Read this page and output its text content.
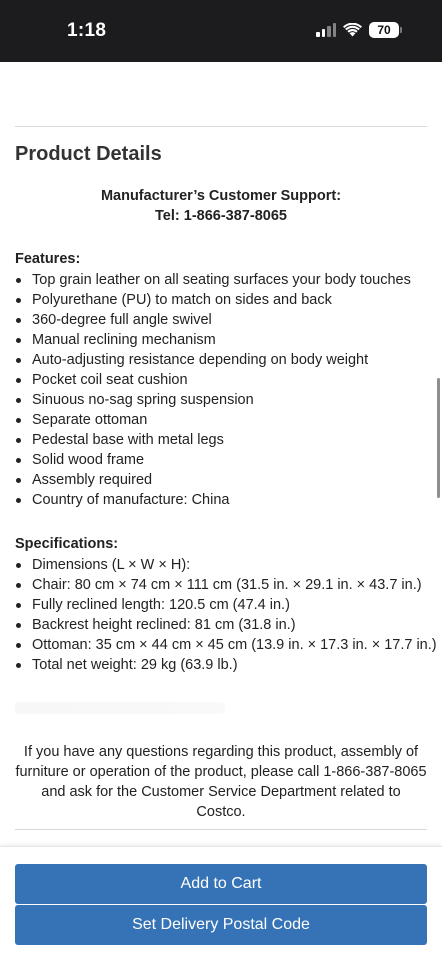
1:18	70
Product Details
Manufacturer’s Customer Support:
Tel: 1-866-387-8065
Features:
Top grain leather on all seating surfaces your body touches
Polyurethane (PU) to match on sides and back
360-degree full angle swivel
Manual reclining mechanism
Auto-adjusting resistance depending on body weight
Pocket coil seat cushion
Sinuous no-sag spring suspension
Separate ottoman
Pedestal base with metal legs
Solid wood frame
Assembly required
Country of manufacture: China
Specifications:
Dimensions (L × W × H):
Chair: 80 cm × 74 cm × 111 cm (31.5 in. × 29.1 in. × 43.7 in.)
Fully reclined length: 120.5 cm (47.4 in.)
Backrest height reclined: 81 cm (31.8 in.)
Ottoman: 35 cm × 44 cm × 45 cm (13.9 in. × 17.3 in. × 17.7 in.)
Total net weight: 29 kg (63.9 lb.)
If you have any questions regarding this product, assembly of furniture or operation of the product, please call 1-866-387-8065 and ask for the Customer Service Department related to Costco.
Add to Cart
Set Delivery Postal Code
